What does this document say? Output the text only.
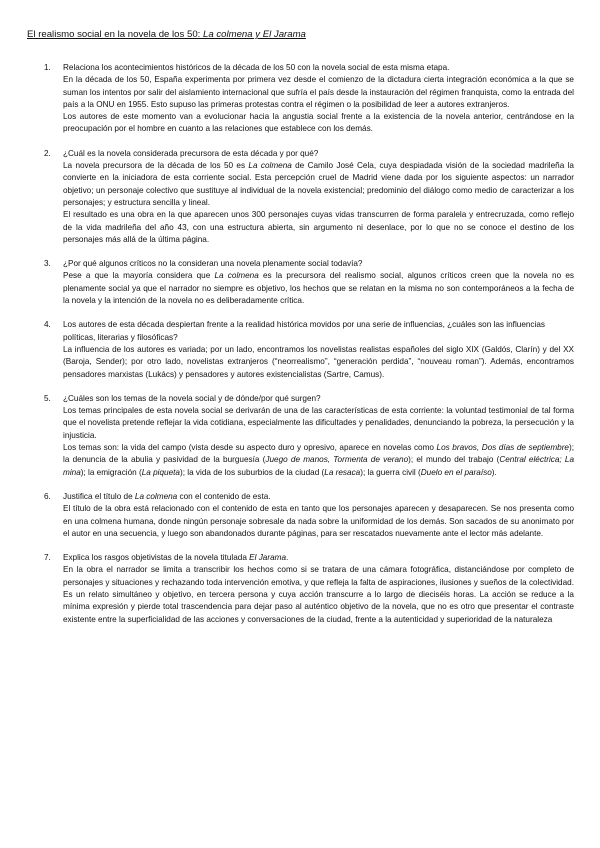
El realismo social en la novela de los 50: La colmena y El Jarama
1. Relaciona los acontecimientos históricos de la década de los 50 con la novela social de esta misma etapa.

En la década de los 50, España experimenta por primera vez desde el comienzo de la dictadura cierta integración económica a la que se suman los intentos por salir del aislamiento internacional que sufría el país desde la instauración del régimen franquista, como la entrada del país a la ONU en 1955. Esto supuso las primeras protestas contra el régimen o la posibilidad de leer a autores extranjeros.

Los autores de este momento van a evolucionar hacia la angustia social frente a la existencia de la novela anterior, centrándose en la preocupación por el hombre en cuanto a las relaciones que establece con los demás.

2. ¿Cuál es la novela considerada precursora de esta década y por qué?

La novela precursora de la década de los 50 es La colmena de Camilo José Cela, cuya despiadada visión de la sociedad madrileña la convierte en la iniciadora de esta corriente social. Esta percepción cruel de Madrid viene dada por los siguiente aspectos: un narrador objetivo; un personaje colectivo que sustituye al individual de la novela existencial; predominio del diálogo como medio de caracterizar a los personajes; y estructura sencilla y lineal.

El resultado es una obra en la que aparecen unos 300 personajes cuyas vidas transcurren de forma paralela y entrecruzada, como reflejo de la vida madrileña del año 43, con una estructura abierta, sin argumento ni desenlace, por lo que no se conoce el destino de los personajes más allá de la última página.

3. ¿Por qué algunos críticos no la consideran una novela plenamente social todavía?

Pese a que la mayoría considera que La colmena es la precursora del realismo social, algunos críticos creen que la novela no es plenamente social ya que el narrador no siempre es objetivo, los hechos que se relatan en la misma no son contemporáneos a la fecha de la novela y la intención de la novela no es deliberadamente crítica.

4. Los autores de esta década despiertan frente a la realidad histórica movidos por una serie de influencias, ¿cuáles son las influencias políticas, literarias y filosóficas?

La influencia de los autores es variada; por un lado, encontramos los novelistas realistas españoles del siglo XIX (Galdós, Clarín) y del XX (Baroja, Sender); por otro lado, novelistas extranjeros (“neorrealismo”, “generación perdida”, “nouveau roman”). Además, encontramos pensadores marxistas (Lukács) y pensadores y autores existencialistas (Sartre, Camus).

5. ¿Cuáles son los temas de la novela social y de dónde/por qué surgen?

Los temas principales de esta novela social se derivarán de una de las características de esta corriente: la voluntad testimonial de tal forma que el novelista pretende reflejar la vida cotidiana, especialmente las dificultades y penalidades, denunciando la pobreza, la persecución y la injusticia.

Los temas son: la vida del campo (vista desde su aspecto duro y opresivo, aparece en novelas como Los bravos, Dos días de septiembre); la denuncia de la abulia y pasividad de la burguesía (Juego de manos, Tormenta de verano); el mundo del trabajo (Central eléctrica; La mina); la emigración (La piqueta); la vida de los suburbios de la ciudad (La resaca); la guerra civil (Duelo en el paraíso).

6. Justifica el título de La colmena con el contenido de esta.

El título de la obra está relacionado con el contenido de esta en tanto que los personajes aparecen y desaparecen. Se nos presenta como en una colmena humana, donde ningún personaje sobresale da nada sobre la uniformidad de los demás. Son sacados de su anonimato por el autor en una secuencia, y luego son abandonados durante páginas, para ser rescatados nuevamente ante el lector más adelante.

7. Explica los rasgos objetivistas de la novela titulada El Jarama.

En la obra el narrador se limita a transcribir los hechos como si se tratara de una cámara fotográfica, distanciándose por completo de personajes y situaciones y rechazando toda intervención emotiva, y que refleja la falta de aspiraciones, ilusiones y sueños de la colectividad. Es un relato simultáneo y objetivo, en tercera persona y cuya acción transcurre a lo largo de dieciséis horas. La acción se reduce a la mínima expresión y pierde total trascendencia para dejar paso al auténtico objetivo de la novela, que no es otro que presentar el contraste existente entre la superficialidad de las acciones y conversaciones de la ciudad, frente a la autenticidad y superioridad de la naturaleza
